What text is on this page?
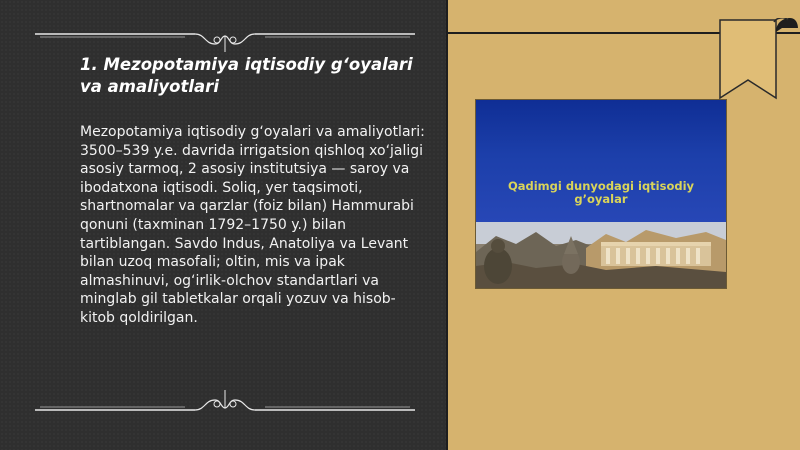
1. Mezopotamiya iqtisodiy g‘oyalari va amaliyotlari

Mezopotamiya iqtisodiy g‘oyalari va amaliyotlari: 3500–539 y.e. davrida irrigatsion qishloq xo‘jaligi asosiy tarmoq, 2 asosiy institutsiya — saroy va ibodatxona iqtisodi. Soliq, yer taqsimoti, shartnomalar va qarzlar (foiz bilan) Hammurabi qonuni (taxminan 1792–1750 y.) bilan tartiblangan. Savdo Indus, Anatoliya va Levant bilan uzoq masofali; oltin, mis va ipak almashinuvi, og‘irlik-olchov standartlari va minglab gil tabletkalar orqali yozuv va hisob-kitob qoldirilgan.

Qadimgi dunyodagi iqtisodiy g’oyalar
